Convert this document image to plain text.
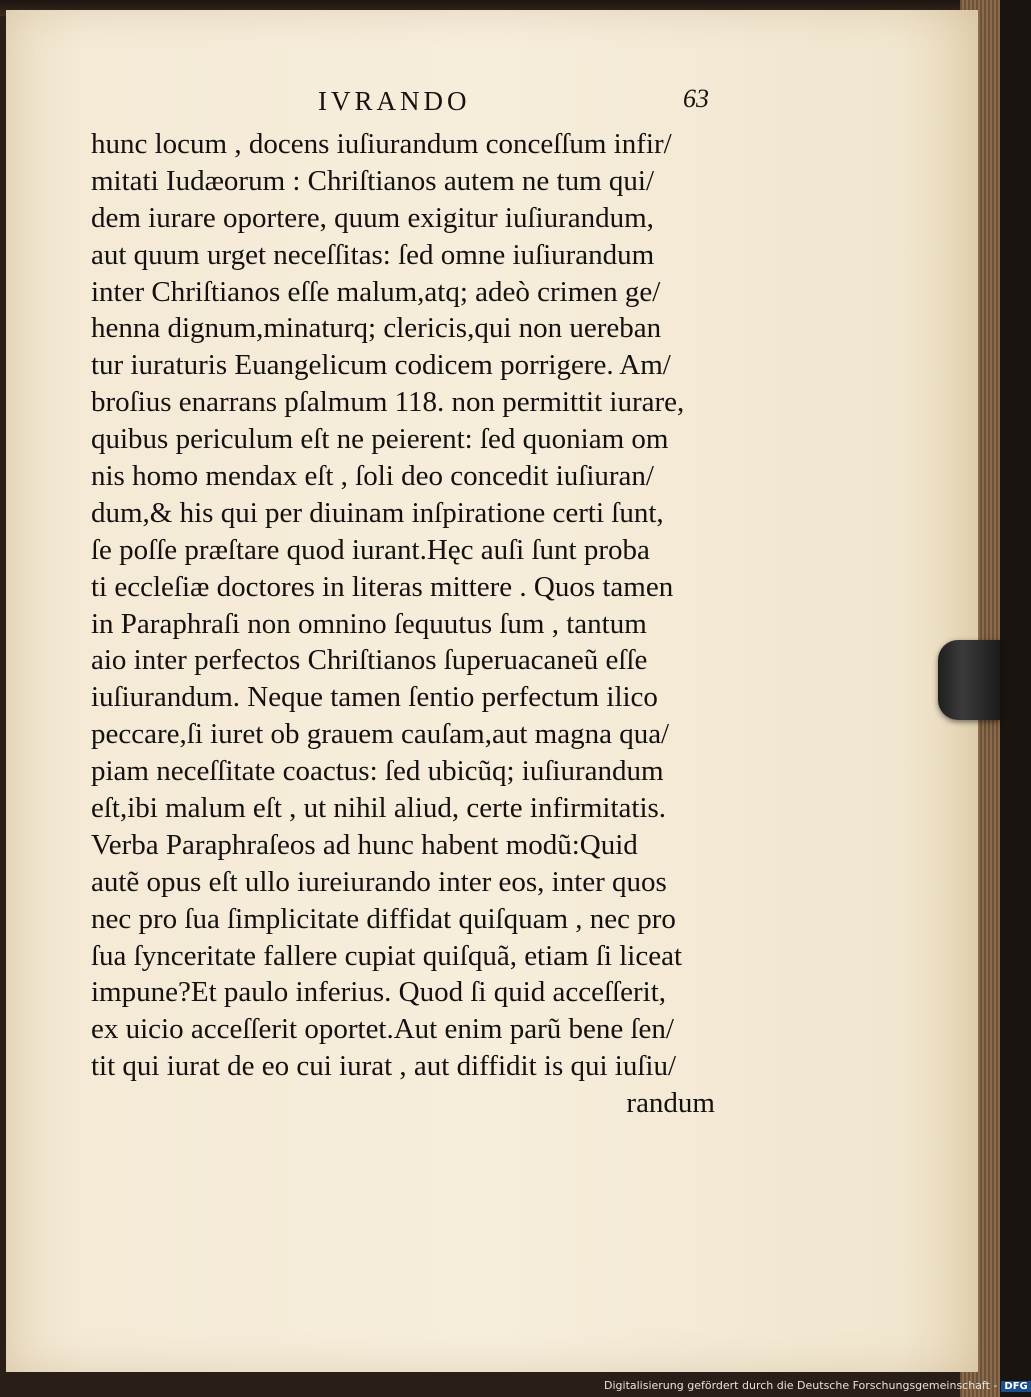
IVRANDO	63
hunc locum , docens iuſiurandum conceſſum infir/
mitati Iudæorum : Chriſtianos autem ne tum qui/
dem iurare oportere, quum exigitur iuſiurandum,
aut quum urget neceſſitas: ſed omne iuſiurandum
inter Chriſtianos eſſe malum,atq; adeò crimen ge/
henna dignum,minaturq; clericis,qui non uereban
tur iuraturis Euangelicum codicem porrigere. Am/
broſius enarrans pſalmum 118. non permittit iurare,
quibus periculum eſt ne peierent: ſed quoniam om
nis homo mendax eſt , ſoli deo concedit iuſiuran/
dum,& his qui per diuinam inſpiratione certi ſunt,
ſe poſſe præſtare quod iurant.Hęc auſi ſunt proba
ti eccleſiæ doctores in literas mittere . Quos tamen
in Paraphraſi non omnino ſequutus ſum , tantum
aio inter perfectos Chriſtianos ſuperuacaneũ eſſe
iuſiurandum. Neque tamen ſentio perfectum ilico
peccare,ſi iuret ob grauem cauſam,aut magna qua/
piam neceſſitate coactus: ſed ubicũq; iuſiurandum
eſt,ibi malum eſt , ut nihil aliud, certe infirmitatis.
Verba Paraphraſeos ad hunc habent modũ:Quid
autẽ opus eſt ullo iureiurando inter eos, inter quos
nec pro ſua ſimplicitate diffidat quiſquam , nec pro
ſua ſynceritate fallere cupiat quiſquã, etiam ſi liceat
impune?Et paulo inferius. Quod ſi quid acceſſerit,
ex uicio acceſſerit oportet.Aut enim parũ bene ſen/
tit qui iurat de eo cui iurat , aut diffidit is qui iuſiu/
randum
Digitalisierung gefördert durch die Deutsche Forschungsgemeinschaft - DFG
